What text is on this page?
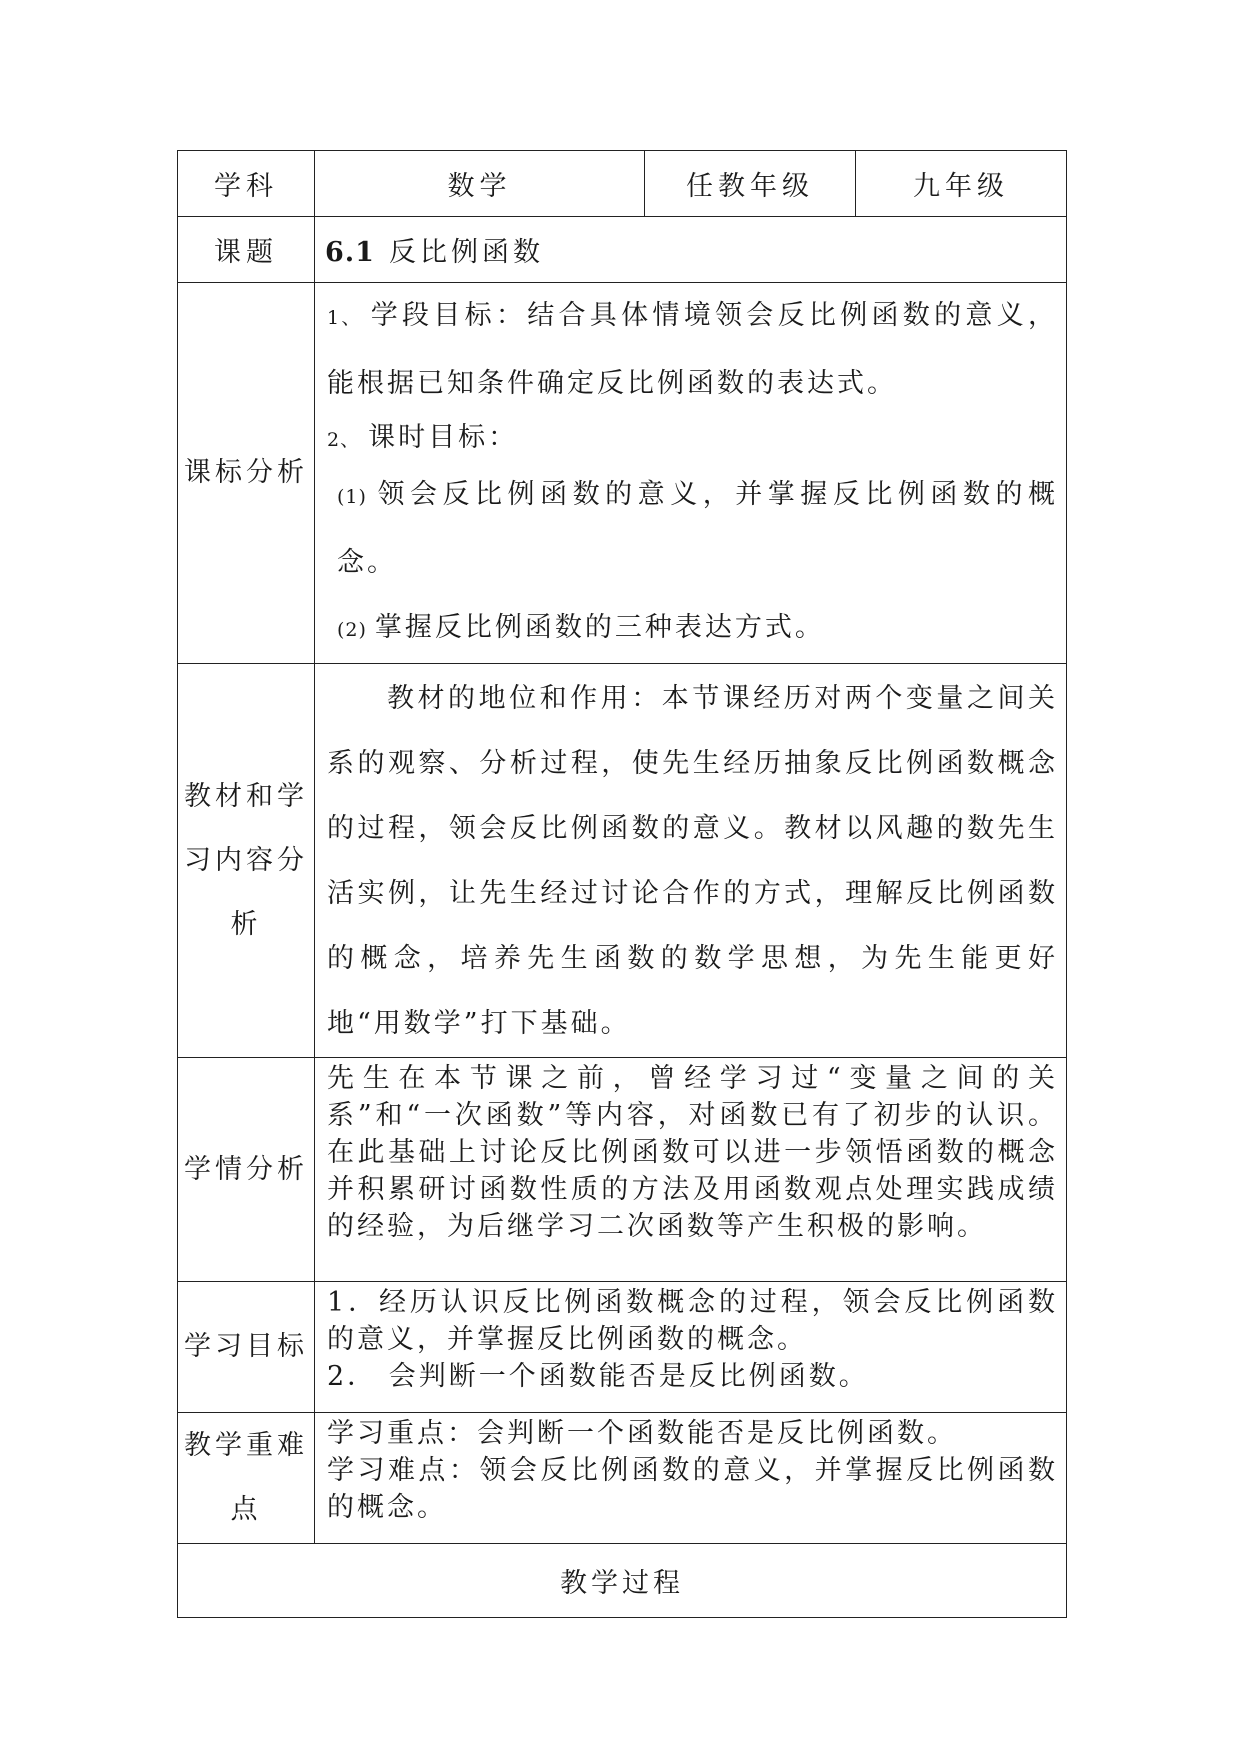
学科	数学	任教年级	九年级
课题	6.1 反比例函数		
课标分析	1、 学段目标：结合具体情境领会反比例函数的意义，能根据已知条件确定反比例函数的表达式。

2、 课时目标：

(1) 领会反比例函数的意义，并掌握反比例函数的概念。

(2) 掌握反比例函数的三种表达方式。		

教材和学习内容分析	教材的地位和作用：本节课经历对两个变量之间关系的观察、分析过程，使先生经历抽象反比例函数概念的过程，领会反比例函数的意义。教材以风趣的数先生活实例，让先生经过讨论合作的方式，理解反比例函数的概念，培养先生函数的数学思想，为先生能更好地“用数学”打下基础。		

学情分析	先生在本节课之前，曾经学习过“变量之间的关系”和“一次函数”等内容，对函数已有了初步的认识。在此基础上讨论反比例函数可以进一步领悟函数的概念并积累研讨函数性质的方法及用函数观点处理实践成绩的经验，为后继学习二次函数等产生积极的影响。		

学习目标	1．经历认识反比例函数概念的过程，领会反比例函数的意义，并掌握反比例函数的概念。

2． 会判断一个函数能否是反比例函数。		

教学重难点	学习重点：会判断一个函数能否是反比例函数。

学习难点：领会反比例函数的意义，并掌握反比例函数的概念。		

教学过程			
